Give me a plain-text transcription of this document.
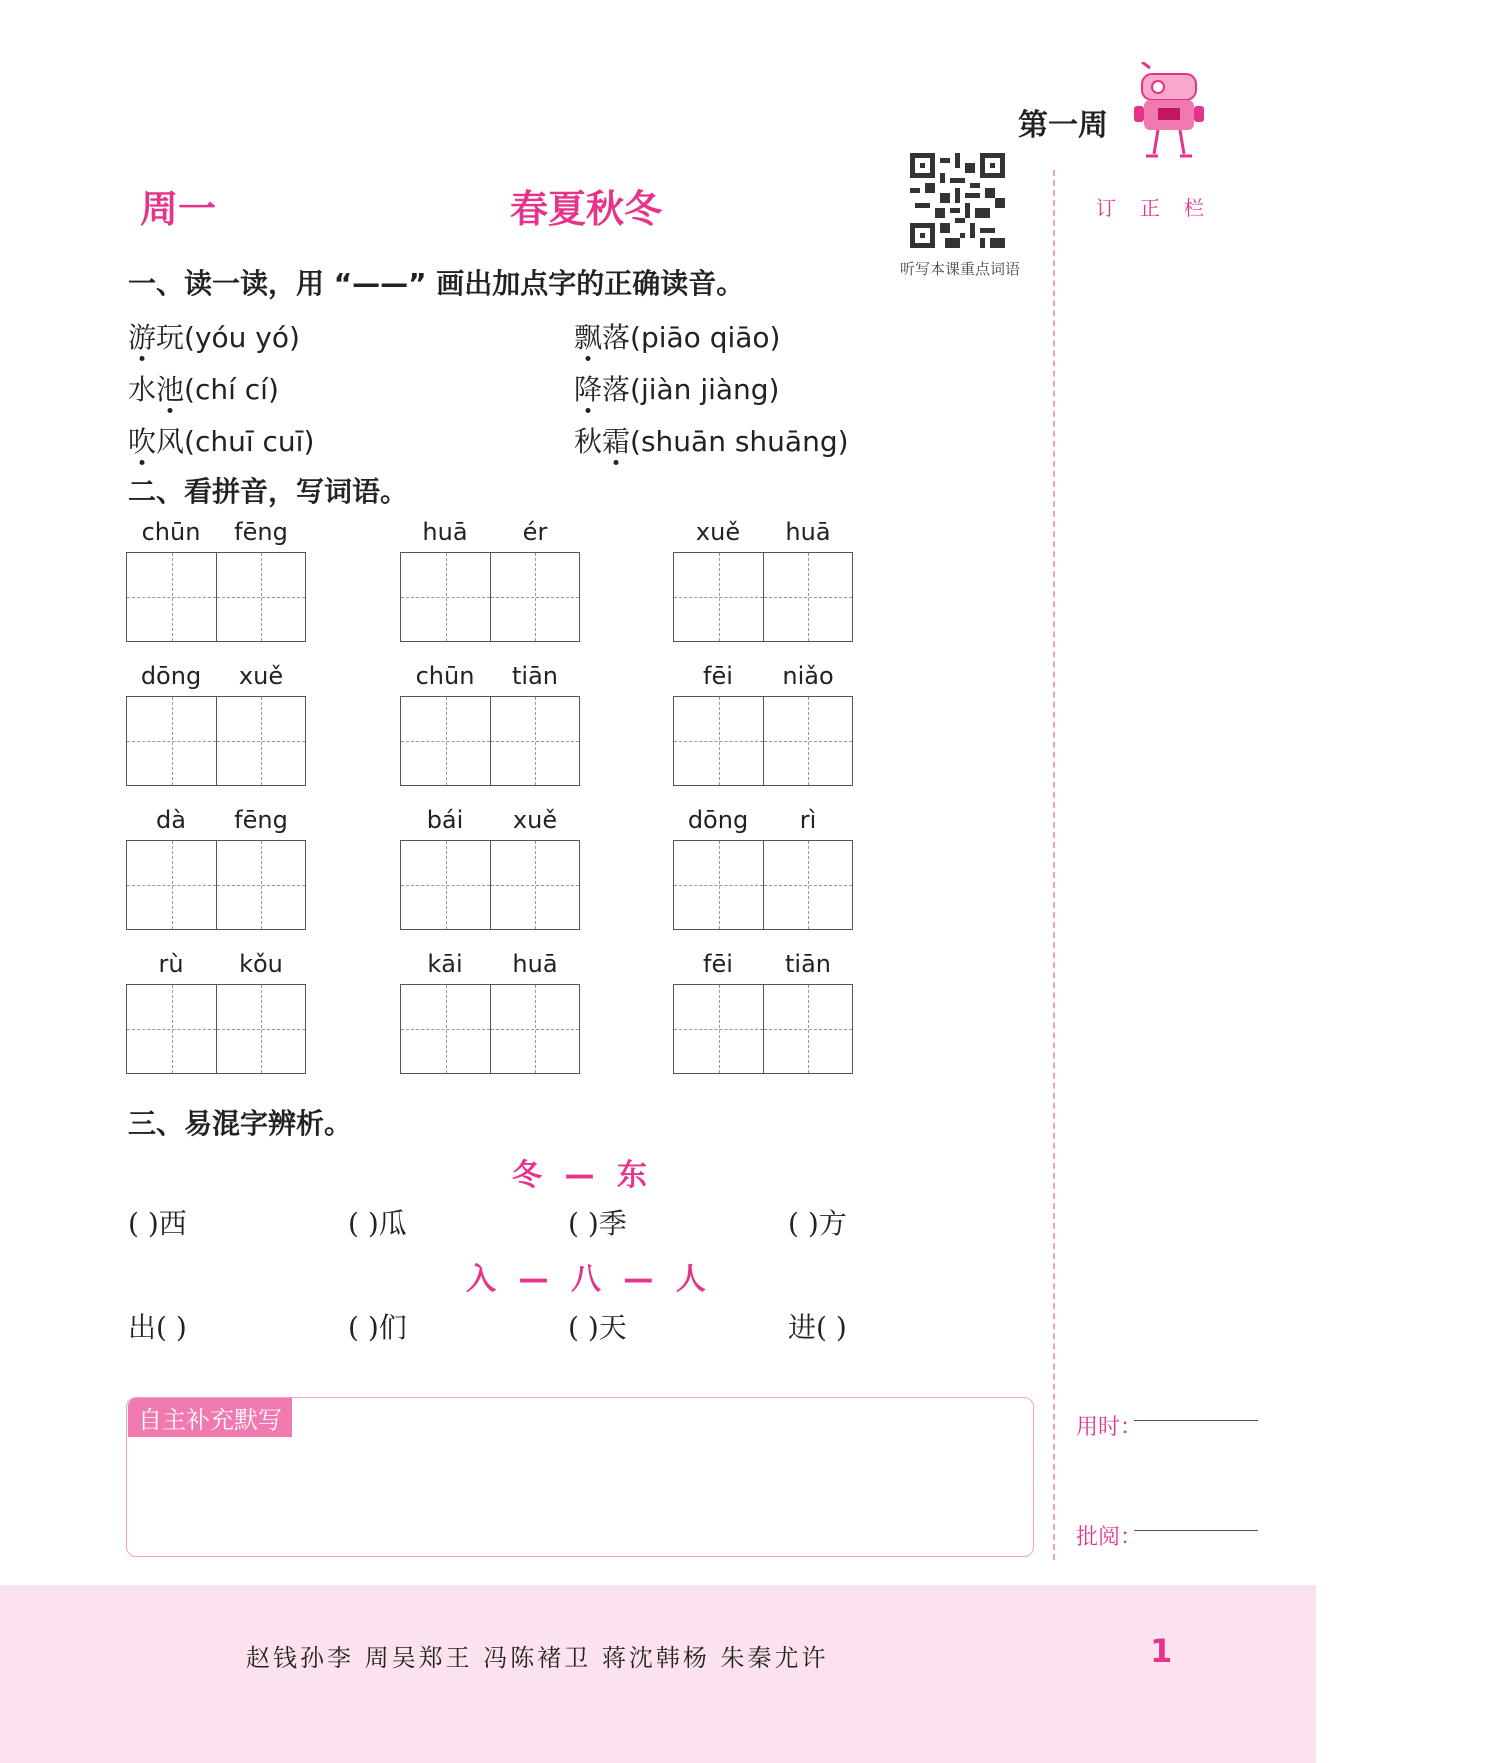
第一周
听写本课重点词语
周一	春夏秋冬	订正栏
一、读一读，用 “——” 画出加点字的正确读音。
游玩(yóu yó)	飘落(piāo qiāo)
水池(chí cí)	降落(jiàn jiàng)
吹风(chuī cuī)	秋霜(shuān shuāng)
二、看拼音，写词语。
chūn	fēng	huā	ér	xuě	huā
dōng	xuě	chūn	tiān	fēi	niǎo
dà	fēng	bái	xuě	dōng	rì
rù	kǒu	kāi	huā	fēi	tiān
三、易混字辨析。
冬 — 东
( )西	( )瓜	( )季	( )方
入 — 八 — 人
出( )	( )们	( )天	进( )
自主补充默写	用时：
批阅：
赵钱孙李 周吴郑王 冯陈褚卫 蒋沈韩杨 朱秦尤许	1
